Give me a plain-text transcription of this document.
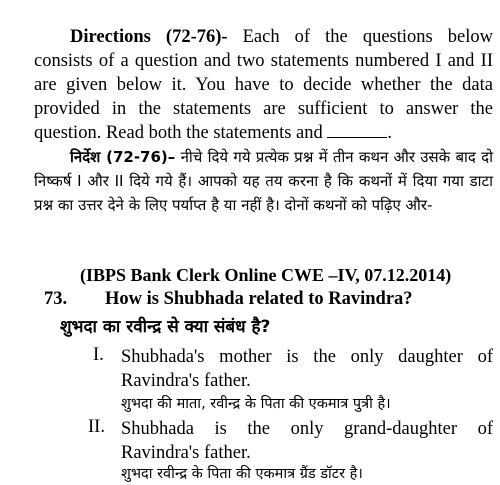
Directions (72-76)- Each of the questions below consists of a question and two statements numbered I and II are given below it. You have to decide whether the data provided in the statements are sufficient to answer the question. Read both the statements and	.
निर्देश (72-76)– नीचे दिये गये प्रत्येक प्रश्न में तीन कथन और उसके बाद दो निष्कर्ष I और II दिये गये हैं। आपको यह तय करना है कि कथनों में दिया गया डाटा प्रश्न का उत्तर देने के लिए पर्याप्त है या नहीं है। दोनों कथनों को पढ़िए और-
(IBPS Bank Clerk Online CWE –IV, 07.12.2014)
73. How is Shubhada related to Ravindra?
शुभदा का रवीन्द्र से क्या संबंध है?
I. Shubhada's mother is the only daughter of Ravindra's father.
शुभदा की माता, रवीन्द्र के पिता की एकमात्र पुत्री है।
II. Shubhada is the only grand-daughter of Ravindra's father.
शुभदा रवीन्द्र के पिता की एकमात्र ग्रैंड डॉटर है।
